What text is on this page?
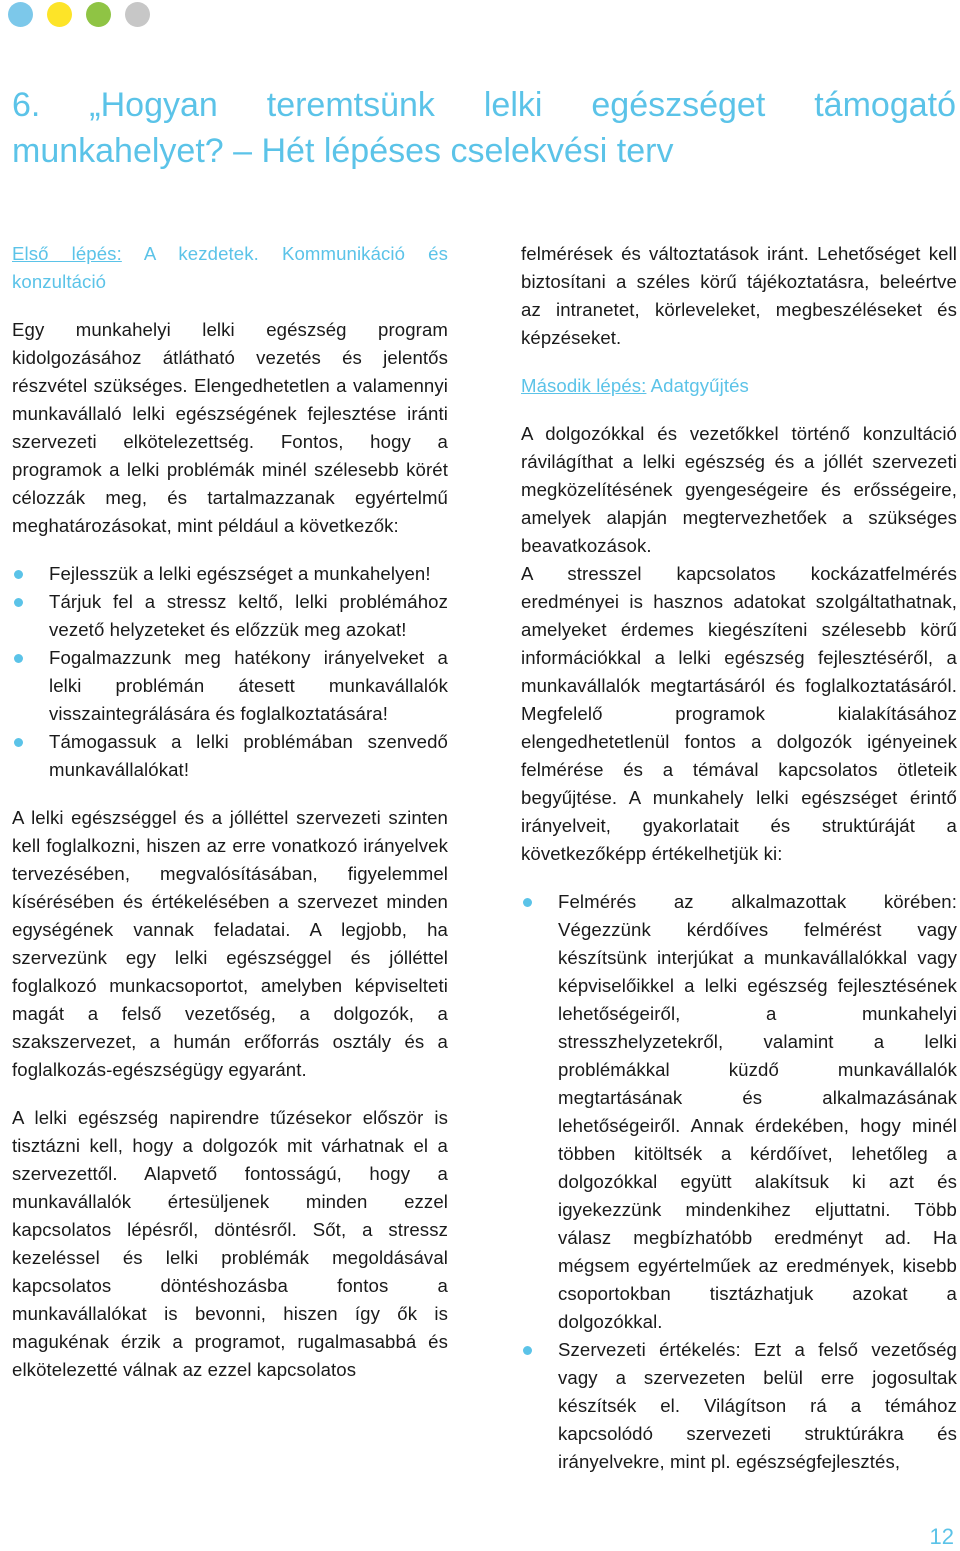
6. „Hogyan teremtsünk lelki egészséget támogató munkahelyet? – Hét lépéses cselekvési terv

Első lépés: A kezdetek. Kommunikáció és konzultáció

Egy munkahelyi lelki egészség program kidolgozásához átlátható vezetés és jelentős részvétel szükséges. Elengedhetetlen a valamennyi munkavállaló lelki egészségének fejlesztése iránti szervezeti elkötelezettség. Fontos, hogy a programok a lelki problémák minél szélesebb körét célozzák meg, és tartalmazzanak egyértelmű meghatározásokat, mint például a következők:

Fejlesszük a lelki egészséget a munkahelyen!
Tárjuk fel a stressz keltő, lelki problémához vezető helyzeteket és előzzük meg azokat!
Fogalmazzunk meg hatékony irányelveket a lelki problémán átesett munkavállalók visszaintegrálására és foglalkoztatására!
Támogassuk a lelki problémában szenvedő munkavállalókat!

A lelki egészséggel és a jólléttel szervezeti szinten kell foglalkozni, hiszen az erre vonatkozó irányelvek tervezésében, megvalósításában, figyelemmel kísérésében és értékelésében a szervezet minden egységének vannak feladatai. A legjobb, ha szervezünk egy lelki egészséggel és jólléttel foglalkozó munkacsoportot, amelyben képviselteti magát a felső vezetőség, a dolgozók, a szakszervezet, a humán erőforrás osztály és a foglalkozás-egészségügy egyaránt.

A lelki egészség napirendre tűzésekor először is tisztázni kell, hogy a dolgozók mit várhatnak el a szervezettől. Alapvető fontosságú, hogy a munkavállalók értesüljenek minden ezzel kapcsolatos lépésről, döntésről. Sőt, a stressz kezeléssel és lelki problémák megoldásával kapcsolatos döntéshozásba fontos a munkavállalókat is bevonni, hiszen így ők is magukénak érzik a programot, rugalmasabbá és elkötelezetté válnak az ezzel kapcsolatos

felmérések és változtatások iránt. Lehetőséget kell biztosítani a széles körű tájékoztatásra, beleértve az intranetet, körleveleket, megbeszéléseket és képzéseket.

Második lépés: Adatgyűjtés

A dolgozókkal és vezetőkkel történő konzultáció rávilágíthat a lelki egészség és a jóllét szervezeti megközelítésének gyengeségeire és erősségeire, amelyek alapján megtervezhetőek a szükséges beavatkozások.

A stresszel kapcsolatos kockázatfelmérés eredményei is hasznos adatokat szolgáltathatnak, amelyeket érdemes kiegészíteni szélesebb körű információkkal a lelki egészség fejlesztéséről, a munkavállalók megtartásáról és foglalkoztatásáról. Megfelelő programok kialakításához elengedhetetlenül fontos a dolgozók igényeinek felmérése és a témával kapcsolatos ötleteik begyűjtése. A munkahely lelki egészséget érintő irányelveit, gyakorlatait és struktúráját a következőképp értékelhetjük ki:

Felmérés az alkalmazottak körében: Végezzünk kérdőíves felmérést vagy készítsünk interjúkat a munkavállalókkal vagy képviselőikkel a lelki egészség fejlesztésének lehetőségeiről, a munkahelyi stresszhelyzetekről, valamint a lelki problémákkal küzdő munkavállalók megtartásának és alkalmazásának lehetőségeiről. Annak érdekében, hogy minél többen kitöltsék a kérdőívet, lehetőleg a dolgozókkal együtt alakítsuk ki azt és igyekezzünk mindenkihez eljuttatni. Több válasz megbízhatóbb eredményt ad. Ha mégsem egyértelműek az eredmények, kisebb csoportokban tisztázhatjuk azokat a dolgozókkal.
Szervezeti értékelés: Ezt a felső vezetőség vagy a szervezeten belül erre jogosultak készítsék el. Világítson rá a témához kapcsolódó szervezeti struktúrákra és irányelvekre, mint pl. egészségfejlesztés,
12
